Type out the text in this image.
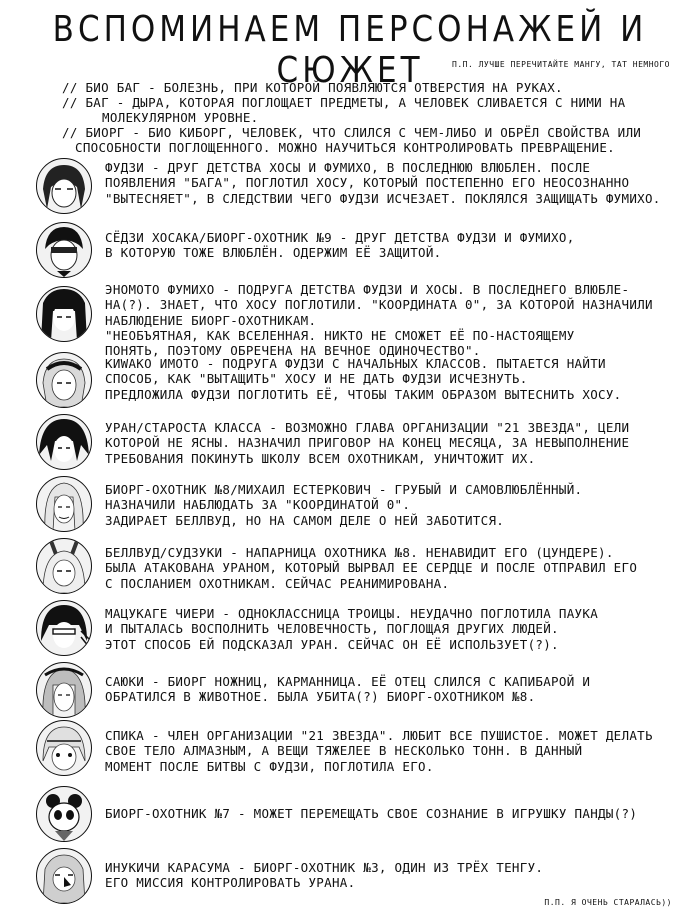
ВСПОМИНАЕМ ПЕРСОНАЖЕЙ И СЮЖЕТ	П.П. ЛУЧШЕ ПЕРЕЧИТАЙТЕ МАНГУ, ТАТ НЕМНОГО

// БИО БАГ - БОЛЕЗНЬ, ПРИ КОТОРОЙ ПОЯВЛЯЮТСЯ ОТВЕРСТИЯ НА РУКАХ.

// БАГ - ДЫРА, КОТОРАЯ ПОГЛОЩАЕТ ПРЕДМЕТЫ, А ЧЕЛОВЕК СЛИВАЕТСЯ С НИМИ НА

МОЛЕКУЛЯРНОМ УРОВНЕ.

// БИОРГ - БИО КИБОРГ, ЧЕЛОВЕК, ЧТО СЛИЛСЯ С ЧЕМ-ЛИБО И ОБРЁЛ СВОЙСТВА ИЛИ

СПОСОБНОСТИ ПОГЛОЩЕННОГО. МОЖНО НАУЧИТЬСЯ КОНТРОЛИРОВАТЬ ПРЕВРАЩЕНИЕ.

ФУДЗИ - ДРУГ ДЕТСТВА ХОСЫ И ФУМИХО, В ПОСЛЕДНЮЮ ВЛЮБЛЕН. ПОСЛЕ

ПОЯВЛЕНИЯ "БАГА", ПОГЛОТИЛ ХОСУ, КОТОРЫЙ ПОСТЕПЕННО ЕГО НЕОСОЗНАННО

"ВЫТЕСНЯЕТ", В СЛЕДСТВИИ ЧЕГО ФУДЗИ ИСЧЕЗАЕТ. ПОКЛЯЛСЯ ЗАЩИЩАТЬ ФУМИХО.

СЁДЗИ ХОСАКА/БИОРГ-ОХОТНИК №9 - ДРУГ ДЕТСТВА ФУДЗИ И ФУМИХО,

В КОТОРУЮ ТОЖЕ ВЛЮБЛЁН. ОДЕРЖИМ ЕЁ ЗАЩИТОЙ.

ЭНОМОТО ФУМИХО - ПОДРУГА ДЕТСТВА ФУДЗИ И ХОСЫ. В ПОСЛЕДНЕГО ВЛЮБЛЕ-

НА(?). ЗНАЕТ, ЧТО ХОСУ ПОГЛОТИЛИ. "КООРДИНАТА 0", ЗА КОТОРОЙ НАЗНАЧИЛИ

НАБЛЮДЕНИЕ БИОРГ-ОХОТНИКАМ.

"НЕОБЪЯТНАЯ, КАК ВСЕЛЕННАЯ. НИКТО НЕ СМОЖЕТ ЕЁ ПО-НАСТОЯЩЕМУ

ПОНЯТЬ, ПОЭТОМУ ОБРЕЧЕНА НА ВЕЧНОЕ ОДИНОЧЕСТВО".

КИWАКО ИМОТО - ПОДРУГА ФУДЗИ С НАЧАЛЬНЫХ КЛАССОВ. ПЫТАЕТСЯ НАЙТИ

СПОСОБ, КАК "ВЫТАЩИТЬ" ХОСУ И НЕ ДАТЬ ФУДЗИ ИСЧЕЗНУТЬ.

ПРЕДЛОЖИЛА ФУДЗИ ПОГЛОТИТЬ ЕЁ, ЧТОБЫ ТАКИМ ОБРАЗОМ ВЫТЕСНИТЬ ХОСУ.

УРАН/СТАРОСТА КЛАССА - ВОЗМОЖНО ГЛАВА ОРГАНИЗАЦИИ "21 ЗВЕЗДА", ЦЕЛИ

КОТОРОЙ НЕ ЯСНЫ. НАЗНАЧИЛ ПРИГОВОР НА КОНЕЦ МЕСЯЦА, ЗА НЕВЫПОЛНЕНИЕ

ТРЕБОВАНИЯ ПОКИНУТЬ ШКОЛУ ВСЕМ ОХОТНИКАМ, УНИЧТОЖИТ ИХ.

БИОРГ-ОХОТНИК №8/МИХАИЛ ЕСТЕРКОВИЧ - ГРУБЫЙ И САМОВЛЮБЛЁННЫЙ.

НАЗНАЧИЛИ НАБЛЮДАТЬ ЗА "КООРДИНАТОЙ 0".

ЗАДИРАЕТ БЕЛЛВУД, НО НА САМОМ ДЕЛЕ О НЕЙ ЗАБОТИТСЯ.

БЕЛЛВУД/СУДЗУКИ - НАПАРНИЦА ОХОТНИКА №8. НЕНАВИДИТ ЕГО (ЦУНДЕРЕ).

БЫЛА АТАКОВАНА УРАНОМ, КОТОРЫЙ ВЫРВАЛ ЕЕ СЕРДЦЕ И ПОСЛЕ ОТПРАВИЛ ЕГО

С ПОСЛАНИЕМ ОХОТНИКАМ. СЕЙЧАС РЕАНИМИРОВАНА.

МАЦУКАГЕ ЧИЕРИ - ОДНОКЛАССНИЦА ТРОИЦЫ. НЕУДАЧНО ПОГЛОТИЛА ПАУКА

И ПЫТАЛАСЬ ВОСПОЛНИТЬ ЧЕЛОВЕЧНОСТЬ, ПОГЛОЩАЯ ДРУГИХ ЛЮДЕЙ.

ЭТОТ СПОСОБ ЕЙ ПОДСКАЗАЛ УРАН. СЕЙЧАС ОН ЕЁ ИСПОЛЬЗУЕТ(?).

САЮКИ - БИОРГ НОЖНИЦ, КАРМАННИЦА. ЕЁ ОТЕЦ СЛИЛСЯ С КАПИБАРОЙ И

ОБРАТИЛСЯ В ЖИВОТНОЕ. БЫЛА УБИТА(?) БИОРГ-ОХОТНИКОМ №8.

СПИКА - ЧЛЕН ОРГАНИЗАЦИИ "21 ЗВЕЗДА". ЛЮБИТ ВСЕ ПУШИСТОЕ. МОЖЕТ ДЕЛАТЬ

СВОЕ ТЕЛО АЛМАЗНЫМ, А ВЕЩИ ТЯЖЕЛЕЕ В НЕСКОЛЬКО ТОНН. В ДАННЫЙ

МОМЕНТ ПОСЛЕ БИТВЫ С ФУДЗИ, ПОГЛОТИЛА ЕГО.

БИОРГ-ОХОТНИК №7 - МОЖЕТ ПЕРЕМЕЩАТЬ СВОЕ СОЗНАНИЕ В ИГРУШКУ ПАНДЫ(?)

ИНУКИЧИ КАРАСУМА - БИОРГ-ОХОТНИК №3, ОДИН ИЗ ТРЁХ ТЕНГУ.

ЕГО МИССИЯ КОНТРОЛИРОВАТЬ УРАНА.

П.П. Я ОЧЕНЬ СТАРАЛАСЬ))
